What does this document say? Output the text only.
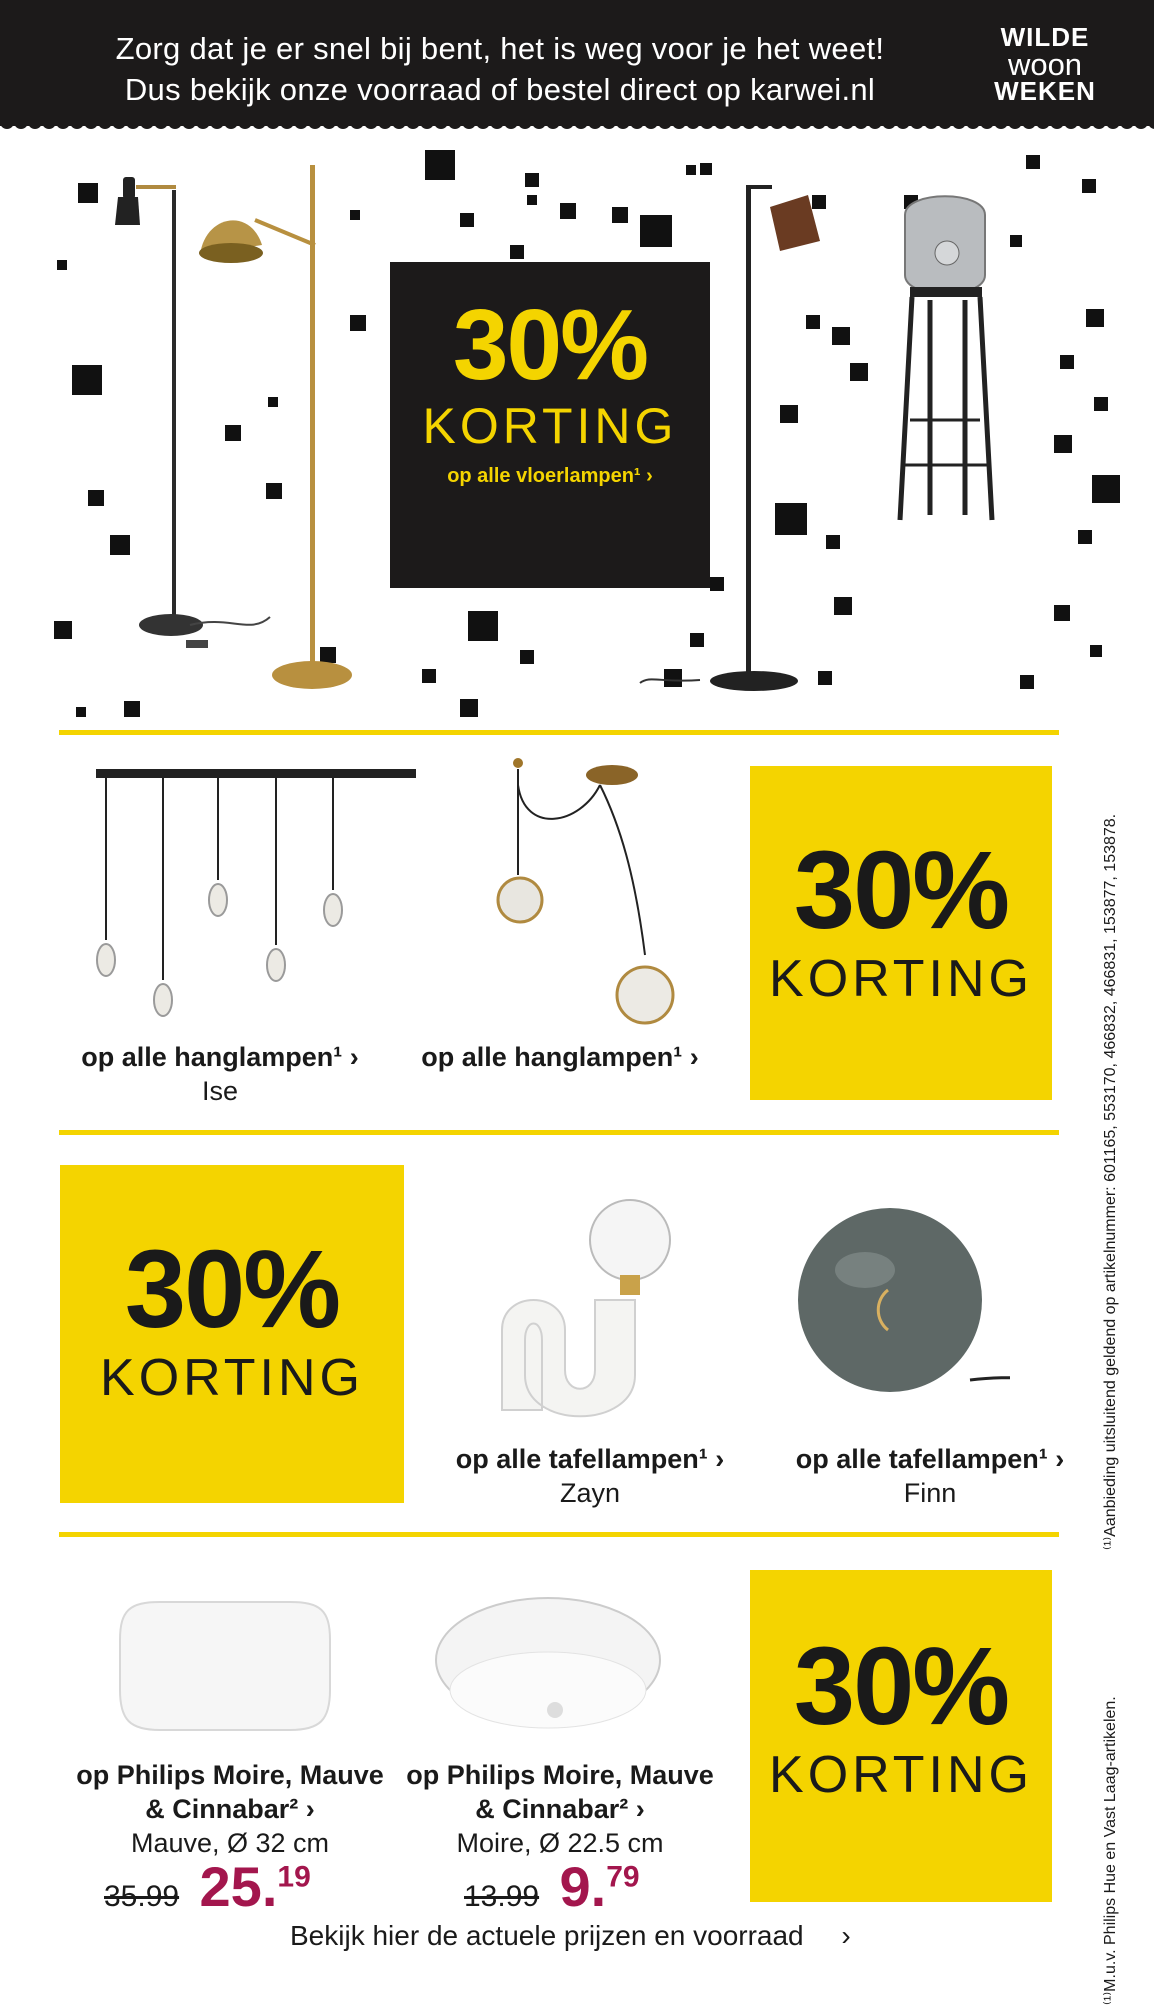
Zorg dat je er snel bij bent, het is weg voor je het weet!
Dus bekijk onze voorraad of bestel direct op karwei.nl
WILDE
woon
WEKEN
30%
KORTING
op alle vloerlampen¹ ›
op alle hanglampen¹ ›
Ise
op alle hanglampen¹ ›
30%
KORTING
30%
KORTING
op alle tafellampen¹ ›
Zayn
op alle tafellampen¹ ›
Finn
op Philips Moire, Mauve
& Cinnabar² ›
Mauve, Ø 32 cm
35.99 25.19
op Philips Moire, Mauve
& Cinnabar² ›
Moire, Ø 22.5 cm
13.99 9.79
30%
KORTING
Bekijk hier de actuele prijzen en voorraad ›
⁽¹⁾Aanbieding uitsluitend geldend op artikelnummer: 601165, 553170, 466832, 466831, 153877, 153878.
⁽¹⁾M.u.v. Philips Hue en Vast Laag-artikelen.
